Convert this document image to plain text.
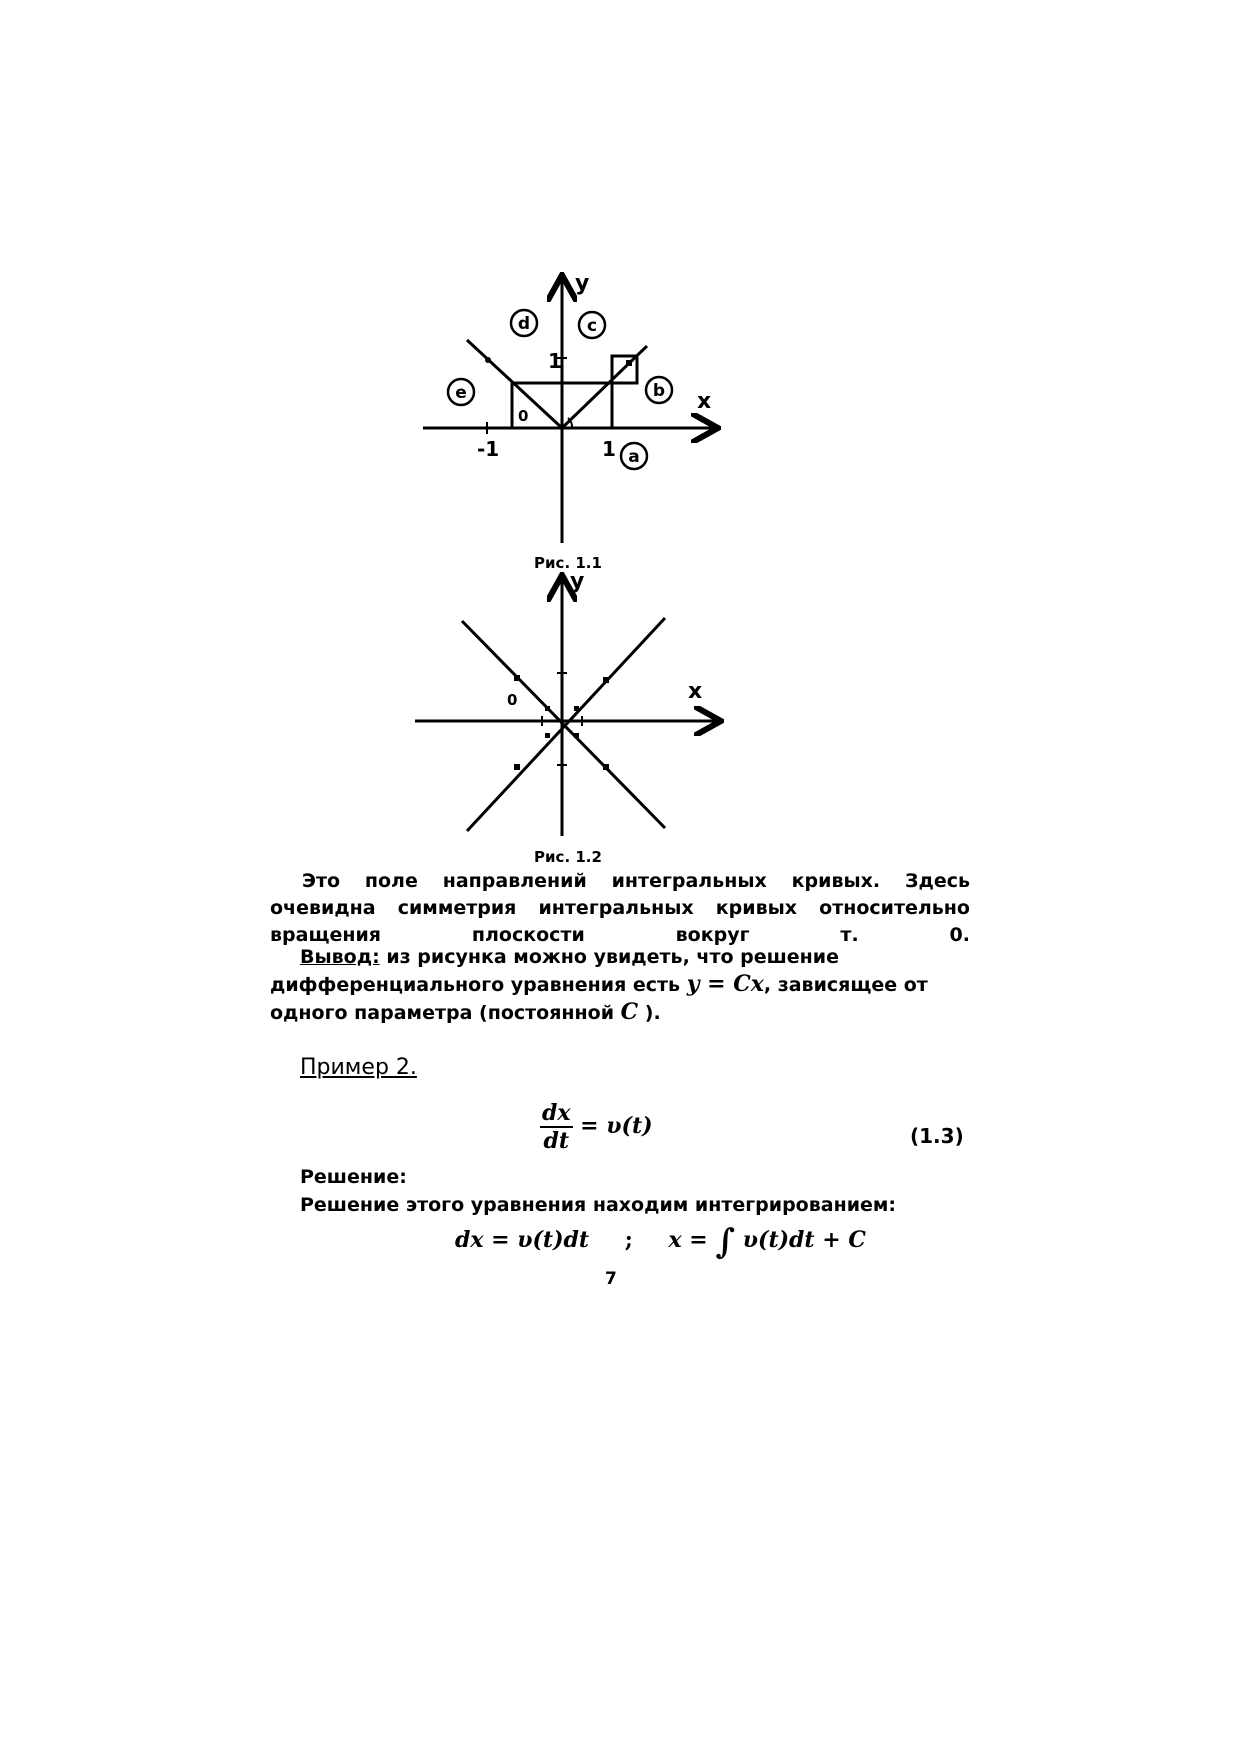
y
x
1
1
-1
0
a
b
c
d
e
Рис. 1.1
y
x
0
Рис. 1.2
Это поле направлений интегральных кривых. Здесь очевидна симметрия интегральных кривых относительно вращения плоскости вокруг т. 0.
Вывод: из рисунка можно увидеть, что решение дифференциального уравнения есть y = Cx, зависящее от одного параметра (постоянной C ).
Пример 2.
$\frac{dx}{dt} = \upsilon(t)$	(1.3)
Решение:
Решение этого уравнения находим интегрированием:
dx = υ(t)dt ; x = ∫ υ(t)dt + C
7
